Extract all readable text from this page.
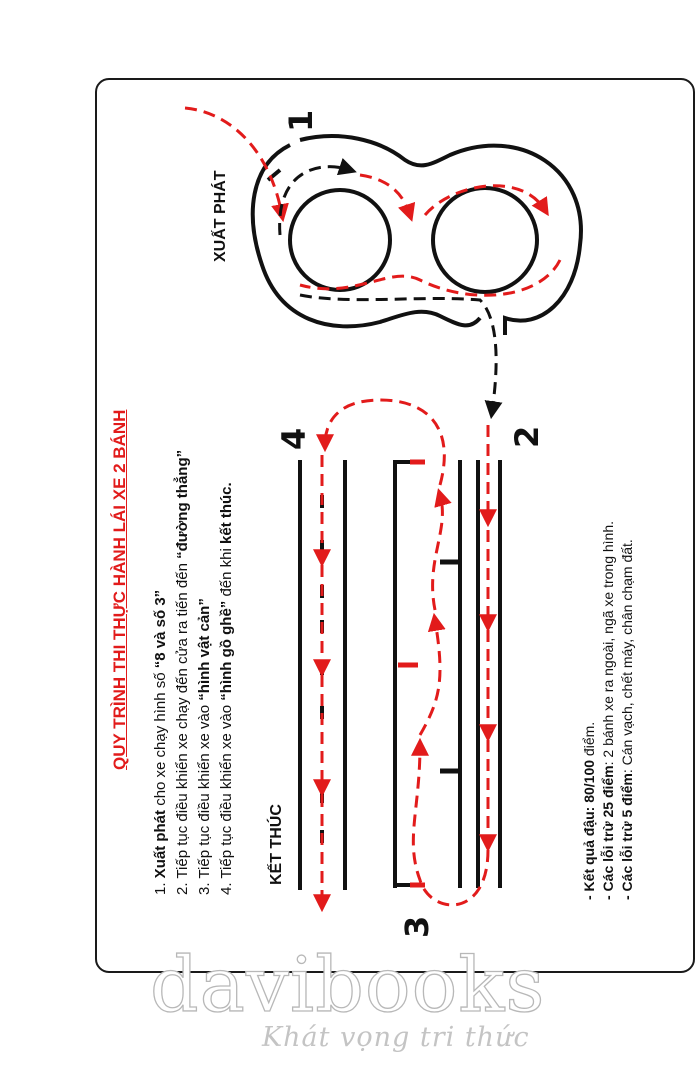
QUY TRÌNH THI THỰC HÀNH LÁI XE 2 BÁNH
1. Xuất phát cho xe chạy hình số “8 và số 3”
2. Tiếp tục điều khiển xe chạy đến cửa ra tiến đến “đường thẳng”
3. Tiếp tục điều khiển xe vào “hình vật cản”
4. Tiếp tục điều khiển xe vào “hình gồ ghề” đến khi kết thúc.
- Kết quả đậu: 80/100 điểm.
- Các lỗi trừ 25 điểm: 2 bánh xe ra ngoài, ngã xe trong hình.
- Các lỗi trừ 5 điểm: Cán vạch, chết máy, chân chạm đất.
XUẤT PHÁT
KẾT THÚC
1
2
3
4
davibooks
Khát vọng tri thức
